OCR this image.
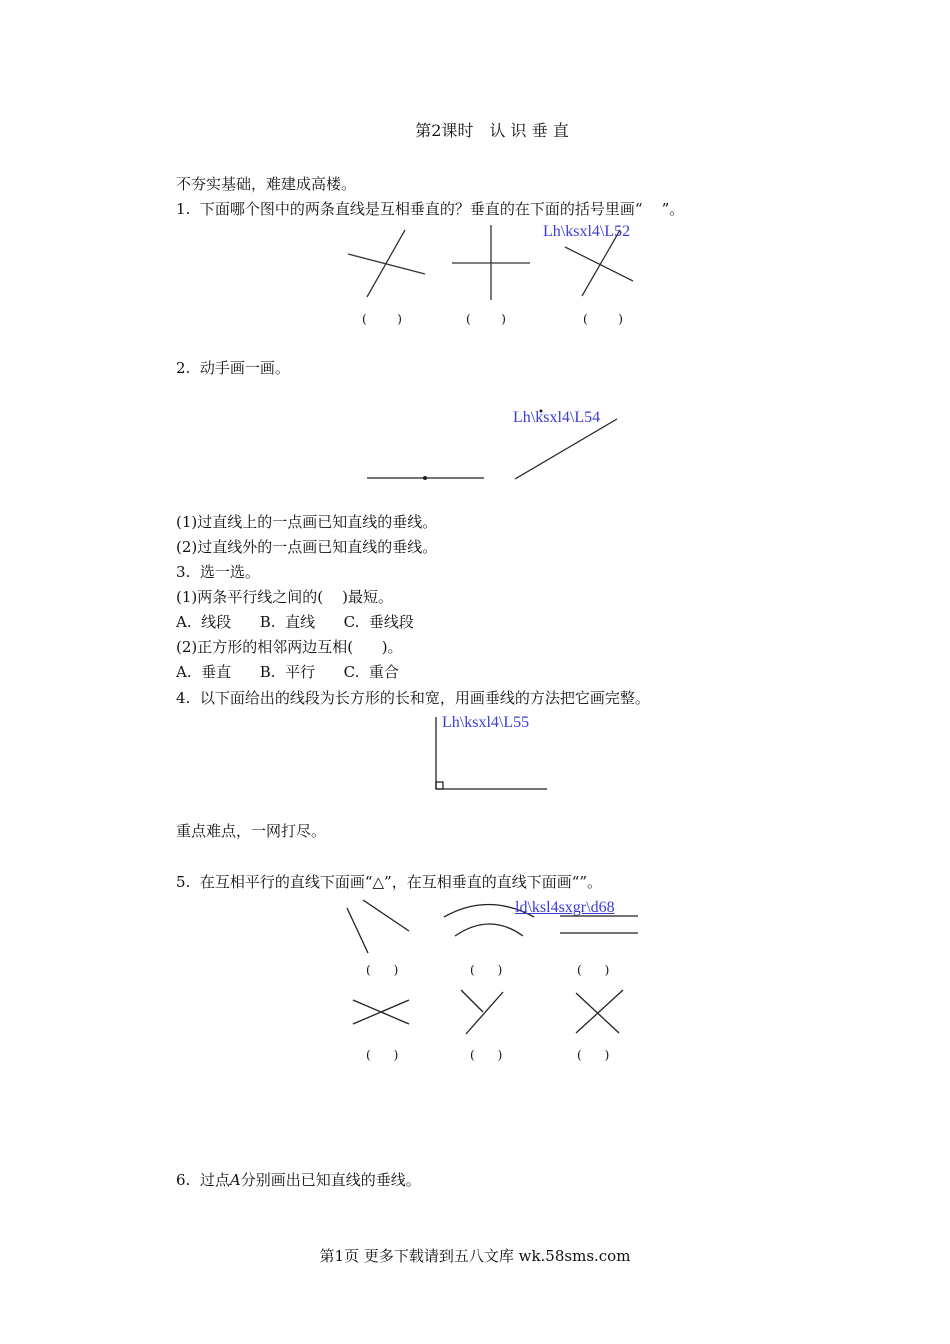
第2课时　认 识 垂 直
不夯实基础，难建成高楼。
1.  下面哪个图中的两条直线是互相垂直的？垂直的在下面的括号里画“    ”。
Lh\ksxl4\L52
(        )	(        )	(        )
2.  动手画一画。
Lh\ksxl4\L54
(1)过直线上的一点画已知直线的垂线。
(2)过直线外的一点画已知直线的垂线。
3.  选一选。
(1)两条平行线之间的(    )最短。
A.  线段      B.  直线      C.  垂线段
(2)正方形的相邻两边互相(      )。
A.  垂直      B.  平行      C.  重合
4.  以下面给出的线段为长方形的长和宽，用画垂线的方法把它画完整。
Lh\ksxl4\L55
重点难点，一网打尽。
5.  在互相平行的直线下面画“△”，在互相垂直的直线下面画“”。
ld\ksl4sxgr\d68
(      )	(      )	(      )
(      )	(      )	(      )
6.  过点A分别画出已知直线的垂线。
第1页 更多下载请到五八文库 wk.58sms.com
